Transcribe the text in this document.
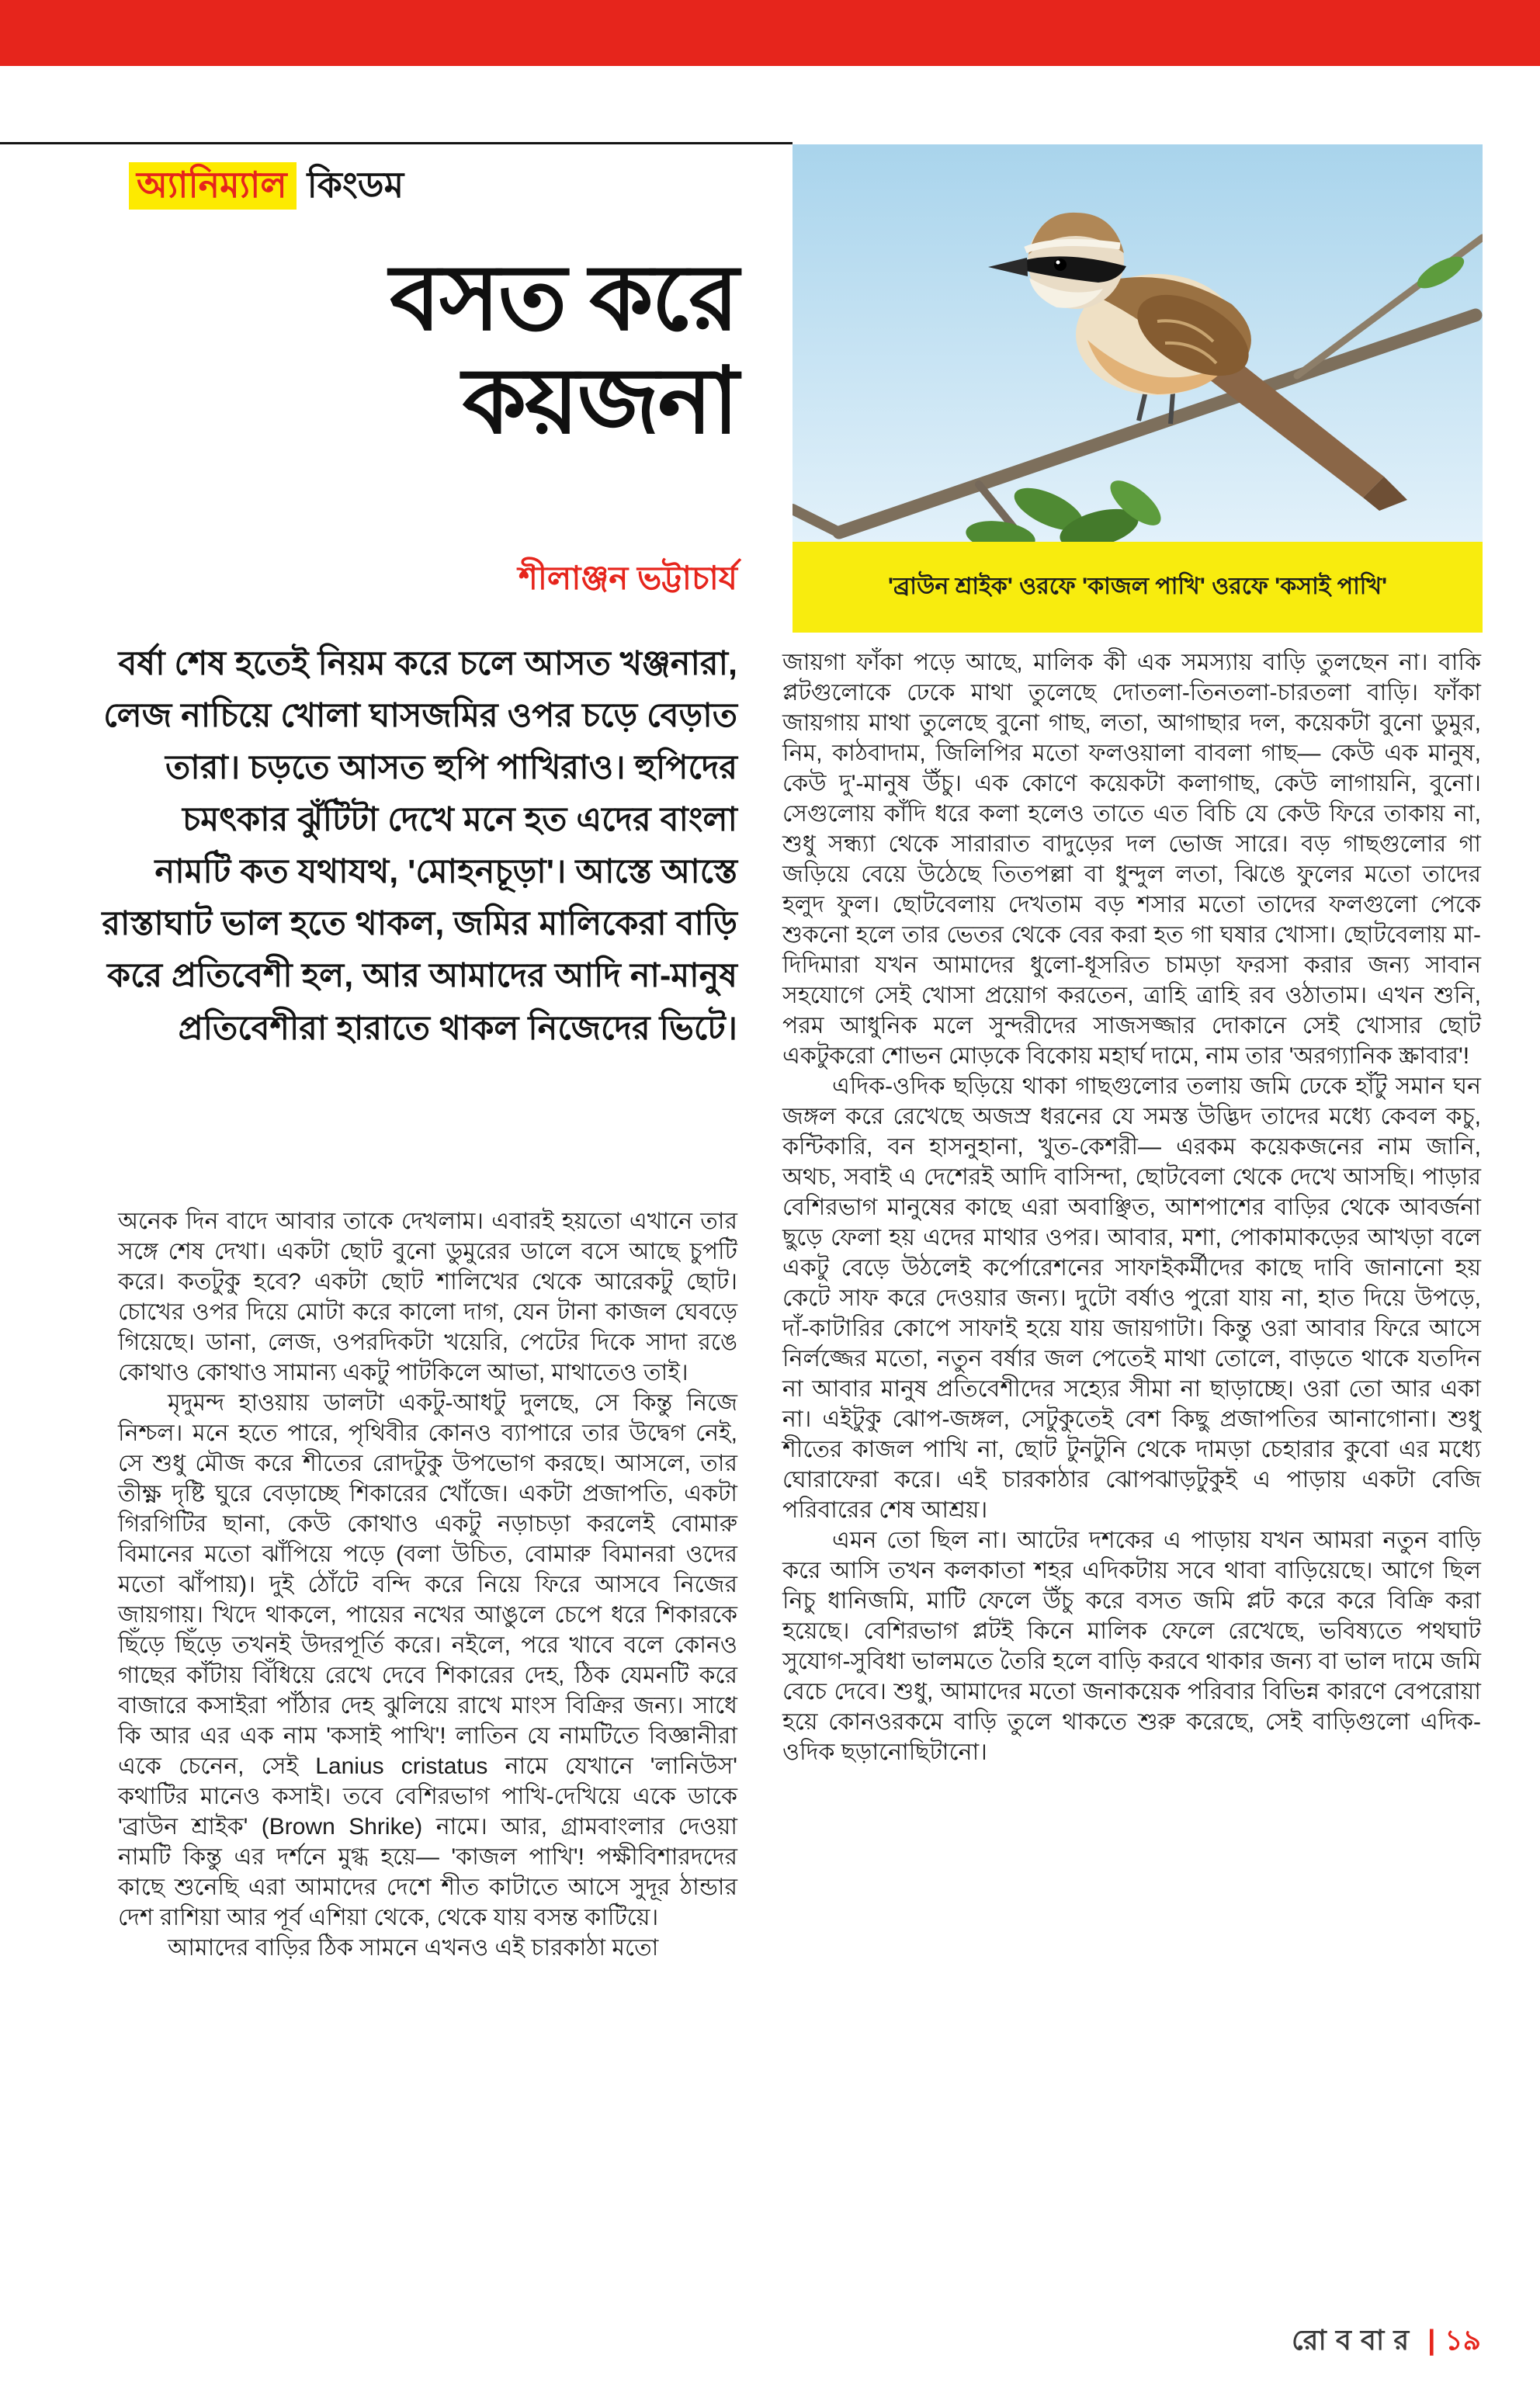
অ্যানিম্যাল কিংডম
বসত করে
কয়জনা
শীলাঞ্জন ভট্টাচার্য

বর্ষা শেষ হতেই নিয়ম করে চলে আসত খঞ্জনারা, লেজ নাচিয়ে খোলা ঘাসজমির ওপর চড়ে বেড়াত তারা। চড়তে আসত হুপি পাখিরাও। হুপিদের চমৎকার ঝুঁটিটা দেখে মনে হত এদের বাংলা নামটি কত যথাযথ, 'মোহনচূড়া'। আস্তে আস্তে রাস্তাঘাট ভাল হতে থাকল, জমির মালিকেরা বাড়ি করে প্রতিবেশী হল, আর আমাদের আদি না-মানুষ প্রতিবেশীরা হারাতে থাকল নিজেদের ভিটে।

'ব্রাউন শ্রাইক' ওরফে 'কাজল পাখি' ওরফে 'কসাই পাখি'

অনেক দিন বাদে আবার তাকে দেখলাম। এবারই হয়তো এখানে তার সঙ্গে শেষ দেখা। একটা ছোট বুনো ডুমুরের ডালে বসে আছে চুপটি করে। কতটুকু হবে? একটা ছোট শালিখের থেকে আরেকটু ছোট। চোখের ওপর দিয়ে মোটা করে কালো দাগ, যেন টানা কাজল ঘেবড়ে গিয়েছে। ডানা, লেজ, ওপরদিকটা খয়েরি, পেটের দিকে সাদা রঙে কোথাও কোথাও সামান্য একটু পাটকিলে আভা, মাথাতেও তাই।

মৃদুমন্দ হাওয়ায় ডালটা একটু-আধটু দুলছে, সে কিন্তু নিজে নিশ্চল। মনে হতে পারে, পৃথিবীর কোনও ব্যাপারে তার উদ্বেগ নেই, সে শুধু মৌজ করে শীতের রোদটুকু উপভোগ করছে। আসলে, তার তীক্ষ্ণ দৃষ্টি ঘুরে বেড়াচ্ছে শিকারের খোঁজে। একটা প্রজাপতি, একটা গিরগিটির ছানা, কেউ কোথাও একটু নড়াচড়া করলেই বোমারু বিমানের মতো ঝাঁপিয়ে পড়ে (বলা উচিত, বোমারু বিমানরা ওদের মতো ঝাঁপায়)। দুই ঠোঁটে বন্দি করে নিয়ে ফিরে আসবে নিজের জায়গায়। খিদে থাকলে, পায়ের নখের আঙুলে চেপে ধরে শিকারকে ছিঁড়ে ছিঁড়ে তখনই উদরপূর্তি করে। নইলে, পরে খাবে বলে কোনও গাছের কাঁটায় বিঁধিয়ে রেখে দেবে শিকারের দেহ, ঠিক যেমনটি করে বাজারে কসাইরা পাঁঠার দেহ ঝুলিয়ে রাখে মাংস বিক্রির জন্য। সাধে কি আর এর এক নাম 'কসাই পাখি'! লাতিন যে নামটিতে বিজ্ঞানীরা একে চেনেন, সেই Lanius cristatus নামে যেখানে 'লানিউস' কথাটির মানেও কসাই। তবে বেশিরভাগ পাখি-দেখিয়ে একে ডাকে 'ব্রাউন শ্রাইক' (Brown Shrike) নামে। আর, গ্রামবাংলার দেওয়া নামটি কিন্তু এর দর্শনে মুগ্ধ হয়ে— 'কাজল পাখি'! পক্ষীবিশারদদের কাছে শুনেছি এরা আমাদের দেশে শীত কাটাতে আসে সুদূর ঠান্ডার দেশ রাশিয়া আর পূর্ব এশিয়া থেকে, থেকে যায় বসন্ত কাটিয়ে।

আমাদের বাড়ির ঠিক সামনে এখনও এই চারকাঠা মতো

জায়গা ফাঁকা পড়ে আছে, মালিক কী এক সমস্যায় বাড়ি তুলছেন না। বাকি প্লটগুলোকে ঢেকে মাথা তুলেছে দোতলা-তিনতলা-চারতলা বাড়ি। ফাঁকা জায়গায় মাথা তুলেছে বুনো গাছ, লতা, আগাছার দল, কয়েকটা বুনো ডুমুর, নিম, কাঠবাদাম, জিলিপির মতো ফলওয়ালা বাবলা গাছ— কেউ এক মানুষ, কেউ দু'-মানুষ উঁচু। এক কোণে কয়েকটা কলাগাছ, কেউ লাগায়নি, বুনো। সেগুলোয় কাঁদি ধরে কলা হলেও তাতে এত বিচি যে কেউ ফিরে তাকায় না, শুধু সন্ধ্যা থেকে সারারাত বাদুড়ের দল ভোজ সারে। বড় গাছগুলোর গা জড়িয়ে বেয়ে উঠেছে তিতপল্লা বা ধুন্দুল লতা, ঝিঙে ফুলের মতো তাদের হলুদ ফুল। ছোটবেলায় দেখতাম বড় শসার মতো তাদের ফলগুলো পেকে শুকনো হলে তার ভেতর থেকে বের করা হত গা ঘষার খোসা। ছোটবেলায় মা-দিদিমারা যখন আমাদের ধুলো-ধূসরিত চামড়া ফরসা করার জন্য সাবান সহযোগে সেই খোসা প্রয়োগ করতেন, ত্রাহি ত্রাহি রব ওঠাতাম। এখন শুনি, পরম আধুনিক মলে সুন্দরীদের সাজসজ্জার দোকানে সেই খোসার ছোট একটুকরো শোভন মোড়কে বিকোয় মহার্ঘ দামে, নাম তার 'অরগ্যানিক স্ক্রাবার'!

এদিক-ওদিক ছড়িয়ে থাকা গাছগুলোর তলায় জমি ঢেকে হাঁটু সমান ঘন জঙ্গল করে রেখেছে অজস্র ধরনের যে সমস্ত উদ্ভিদ তাদের মধ্যে কেবল কচু, কন্টিকারি, বন হাসনুহানা, খুত-কেশরী— এরকম কয়েকজনের নাম জানি, অথচ, সবাই এ দেশেরই আদি বাসিন্দা, ছোটবেলা থেকে দেখে আসছি। পাড়ার বেশিরভাগ মানুষের কাছে এরা অবাঞ্ছিত, আশপাশের বাড়ির থেকে আবর্জনা ছুড়ে ফেলা হয় এদের মাথার ওপর। আবার, মশা, পোকামাকড়ের আখড়া বলে একটু বেড়ে উঠলেই কর্পোরেশনের সাফাইকর্মীদের কাছে দাবি জানানো হয় কেটে সাফ করে দেওয়ার জন্য। দুটো বর্ষাও পুরো যায় না, হাত দিয়ে উপড়ে, দাঁ-কাটারির কোপে সাফাই হয়ে যায় জায়গাটা। কিন্তু ওরা আবার ফিরে আসে নির্লজ্জের মতো, নতুন বর্ষার জল পেতেই মাথা তোলে, বাড়তে থাকে যতদিন না আবার মানুষ প্রতিবেশীদের সহ্যের সীমা না ছাড়াচ্ছে। ওরা তো আর একা না। এইটুকু ঝোপ-জঙ্গল, সেটুকুতেই বেশ কিছু প্রজাপতির আনাগোনা। শুধু শীতের কাজল পাখি না, ছোট টুনটুনি থেকে দামড়া চেহারার কুবো এর মধ্যে ঘোরাফেরা করে। এই চারকাঠার ঝোপঝাড়টুকুই এ পাড়ায় একটা বেজি পরিবারের শেষ আশ্রয়।

এমন তো ছিল না। আটের দশকের এ পাড়ায় যখন আমরা নতুন বাড়ি করে আসি তখন কলকাতা শহর এদিকটায় সবে থাবা বাড়িয়েছে। আগে ছিল নিচু ধানিজমি, মাটি ফেলে উঁচু করে বসত জমি প্লট করে করে বিক্রি করা হয়েছে। বেশিরভাগ প্লটই কিনে মালিক ফেলে রেখেছে, ভবিষ্যতে পথঘাট সুযোগ-সুবিধা ভালমতে তৈরি হলে বাড়ি করবে থাকার জন্য বা ভাল দামে জমি বেচে দেবে। শুধু, আমাদের মতো জনাকয়েক পরিবার বিভিন্ন কারণে বেপরোয়া হয়ে কোনওরকমে বাড়ি তুলে থাকতে শুরু করেছে, সেই বাড়িগুলো এদিক-ওদিক ছড়ানোছিটানো।

রোববার | ১৯
